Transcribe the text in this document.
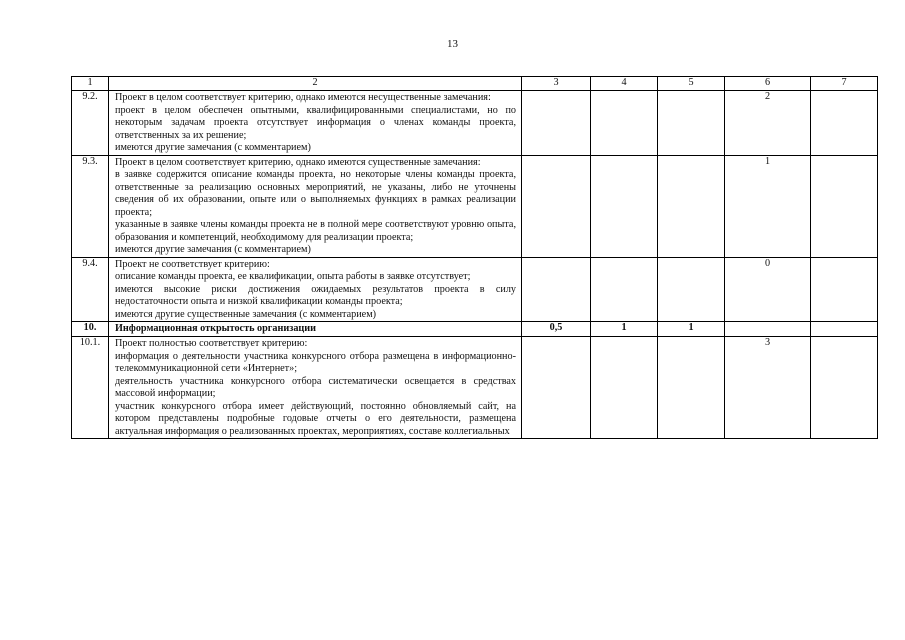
13
1	2	3	4	5	6	7
9.2.	Проект в целом соответствует критерию, однако имеются несущественные замечания:
проект в целом обеспечен опытными, квалифицированными специалистами, но по некоторым задачам проекта отсутствует информация о членах команды проекта, ответственных за их решение;
имеются другие замечания (с комментарием)				2	
9.3.	Проект в целом соответствует критерию, однако имеются существенные замечания:
в заявке содержится описание команды проекта, но некоторые члены команды проекта, ответственные за реализацию основных мероприятий, не указаны, либо не уточнены сведения об их образовании, опыте или о выполняемых функциях в рамках реализации проекта;
указанные в заявке члены команды проекта не в полной мере соответствуют уровню опыта, образования и компетенций, необходимому для реализации проекта;
имеются другие замечания (с комментарием)				1	
9.4.	Проект не соответствует критерию:
описание команды проекта, ее квалификации, опыта работы в заявке отсутствует;
имеются высокие риски достижения ожидаемых результатов проекта в силу недостаточности опыта и низкой квалификации команды проекта;
имеются другие существенные замечания (с комментарием)				0	
10.	Информационная открытость организации	0,5	1	1		
10.1.	Проект полностью соответствует критерию:
информация о деятельности участника конкурсного отбора размещена в информационно-телекоммуникационной сети «Интернет»;
деятельность участника конкурсного отбора систематически освещается в средствах массовой информации;
участник конкурсного отбора имеет действующий, постоянно обновляемый сайт, на котором представлены подробные годовые отчеты о его деятельности, размещена актуальная информация о реализованных проектах, мероприятиях, составе коллегиальных				3	
